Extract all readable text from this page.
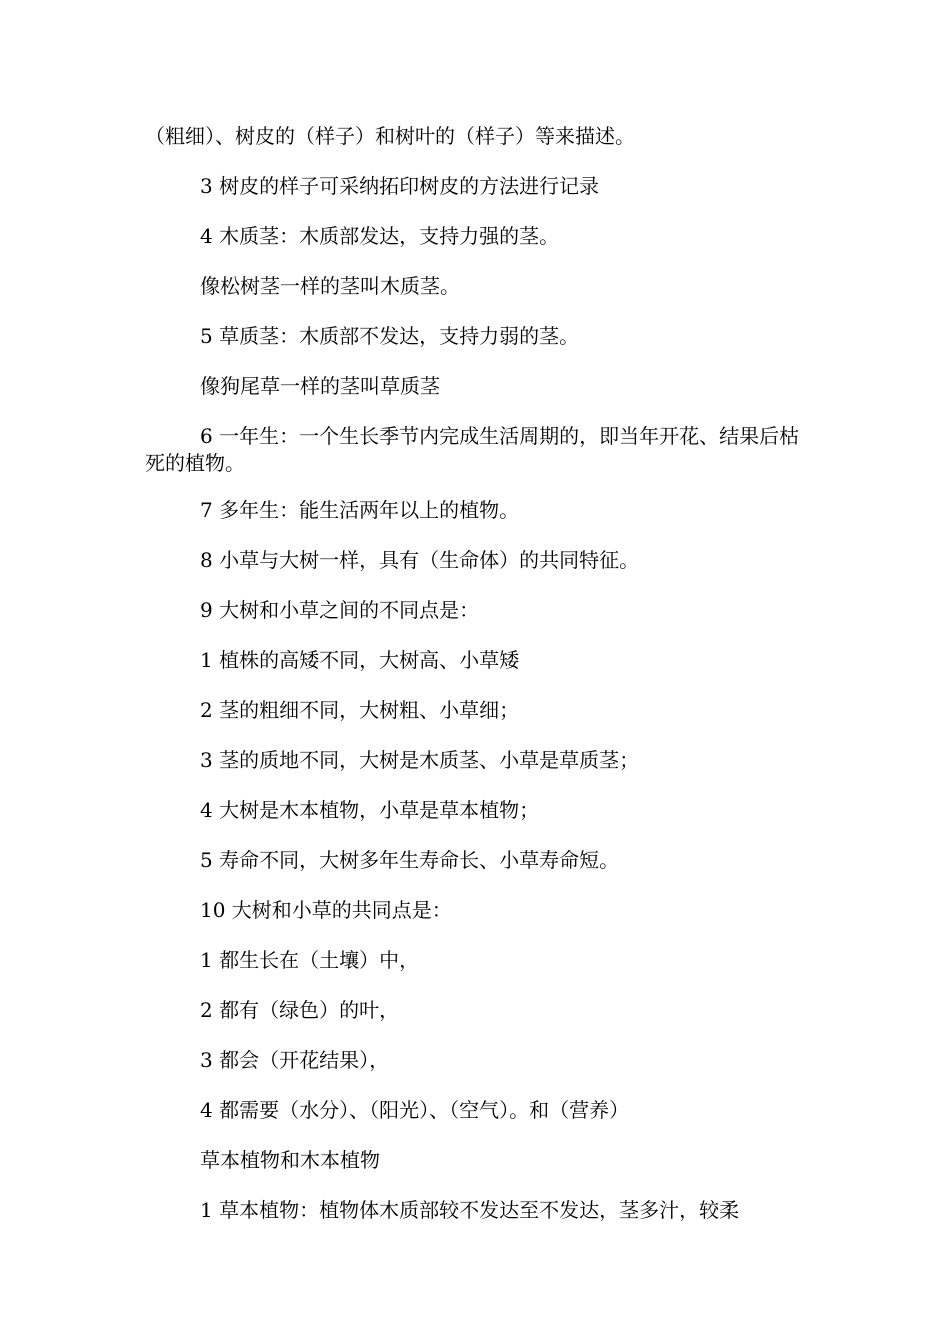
（粗细）、树皮的（样子）和树叶的（样子）等来描述。

3 树皮的样子可采纳拓印树皮的方法进行记录

4 木质茎：木质部发达，支持力强的茎。

像松树茎一样的茎叫木质茎。

5 草质茎：木质部不发达，支持力弱的茎。

像狗尾草一样的茎叫草质茎

6 一年生：一个生长季节内完成生活周期的，即当年开花、结果后枯死的植物。

7 多年生：能生活两年以上的植物。

8 小草与大树一样，具有（生命体）的共同特征。

9 大树和小草之间的不同点是：

1 植株的高矮不同，大树高、小草矮

2 茎的粗细不同，大树粗、小草细；

3 茎的质地不同，大树是木质茎、小草是草质茎；

4 大树是木本植物，小草是草本植物；

5 寿命不同，大树多年生寿命长、小草寿命短。

10 大树和小草的共同点是：

1 都生长在（土壤）中，

2 都有（绿色）的叶，

3 都会（开花结果），

4 都需要（水分）、（阳光）、（空气）。和（营养）

草本植物和木本植物

1 草本植物：植物体木质部较不发达至不发达，茎多汁，较柔
